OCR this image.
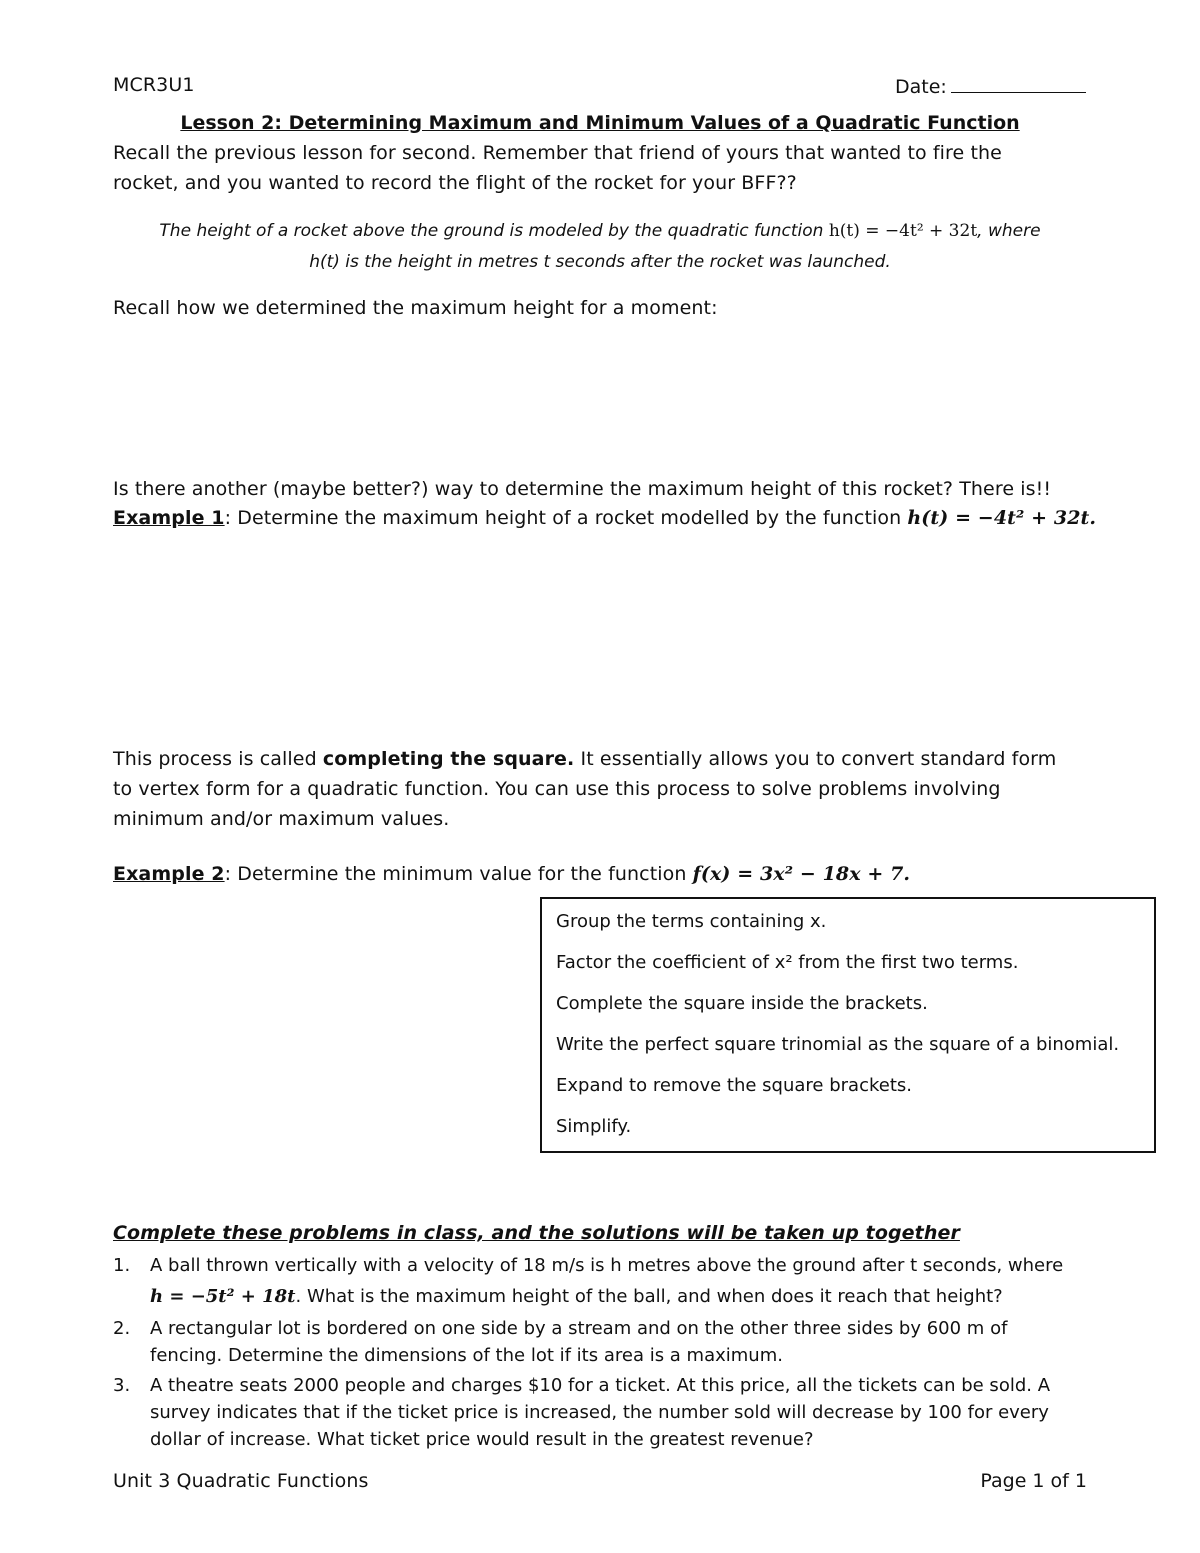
MCR3U1	Date:
Lesson 2: Determining Maximum and Minimum Values of a Quadratic Function
Recall the previous lesson for second. Remember that friend of yours that wanted to fire the
rocket, and you wanted to record the flight of the rocket for your BFF??
The height of a rocket above the ground is modeled by the quadratic function h(t) = −4t² + 32t, where
h(t) is the height in metres t seconds after the rocket was launched.
Recall how we determined the maximum height for a moment:
Is there another (maybe better?) way to determine the maximum height of this rocket? There is!!
Example 1: Determine the maximum height of a rocket modelled by the function h(t) = −4t² + 32t.
This process is called completing the square. It essentially allows you to convert standard form
to vertex form for a quadratic function. You can use this process to solve problems involving
minimum and/or maximum values.
Example 2: Determine the minimum value for the function f(x) = 3x² − 18x + 7.
Group the terms containing x.
Factor the coefficient of x² from the first two terms.
Complete the square inside the brackets.
Write the perfect square trinomial as the square of a binomial.
Expand to remove the square brackets.
Simplify.
Complete these problems in class, and the solutions will be taken up together
1. A ball thrown vertically with a velocity of 18 m/s is h metres above the ground after t seconds, where
h = −5t² + 18t. What is the maximum height of the ball, and when does it reach that height?
2. A rectangular lot is bordered on one side by a stream and on the other three sides by 600 m of
fencing. Determine the dimensions of the lot if its area is a maximum.
3. A theatre seats 2000 people and charges $10 for a ticket. At this price, all the tickets can be sold. A
survey indicates that if the ticket price is increased, the number sold will decrease by 100 for every
dollar of increase. What ticket price would result in the greatest revenue?
Unit 3 Quadratic Functions	Page 1 of 1
